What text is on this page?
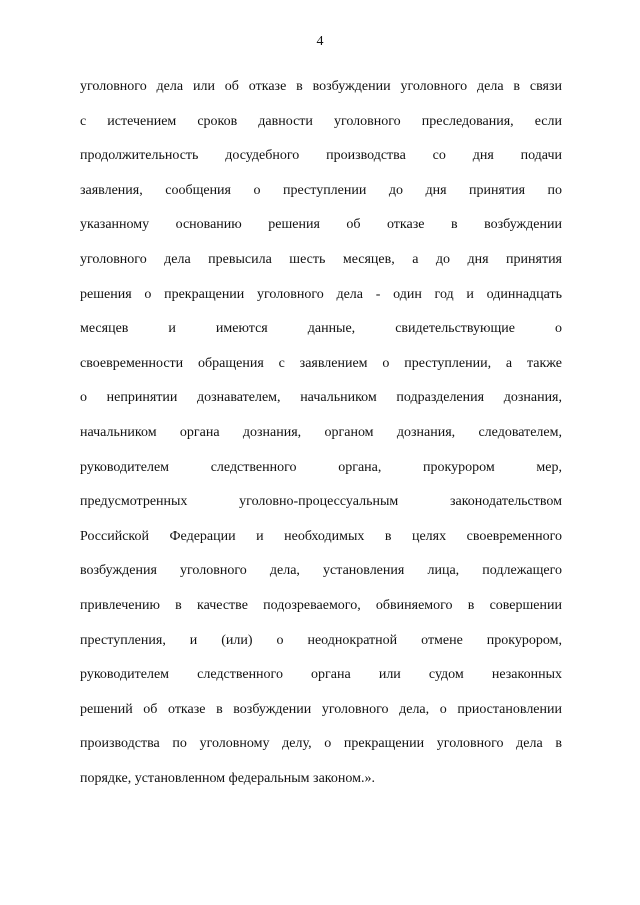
4
уголовного дела или об отказе в возбуждении уголовного дела в связи
с истечением сроков давности уголовного преследования, если
продолжительность досудебного производства со дня подачи
заявления, сообщения о преступлении до дня принятия по
указанному основанию решения об отказе в возбуждении
уголовного дела превысила шесть месяцев, а до дня принятия
решения о прекращении уголовного дела - один год и одиннадцать
месяцев и имеются данные, свидетельствующие о
своевременности обращения с заявлением о преступлении, а также
о непринятии дознавателем, начальником подразделения дознания,
начальником органа дознания, органом дознания, следователем,
руководителем следственного органа, прокурором мер,
предусмотренных уголовно-процессуальным законодательством
Российской Федерации и необходимых в целях своевременного
возбуждения уголовного дела, установления лица, подлежащего
привлечению в качестве подозреваемого, обвиняемого в совершении
преступления, и (или) о неоднократной отмене прокурором,
руководителем следственного органа или судом незаконных
решений об отказе в возбуждении уголовного дела, о приостановлении
производства по уголовному делу, о прекращении уголовного дела в
порядке, установленном федеральным законом.».
